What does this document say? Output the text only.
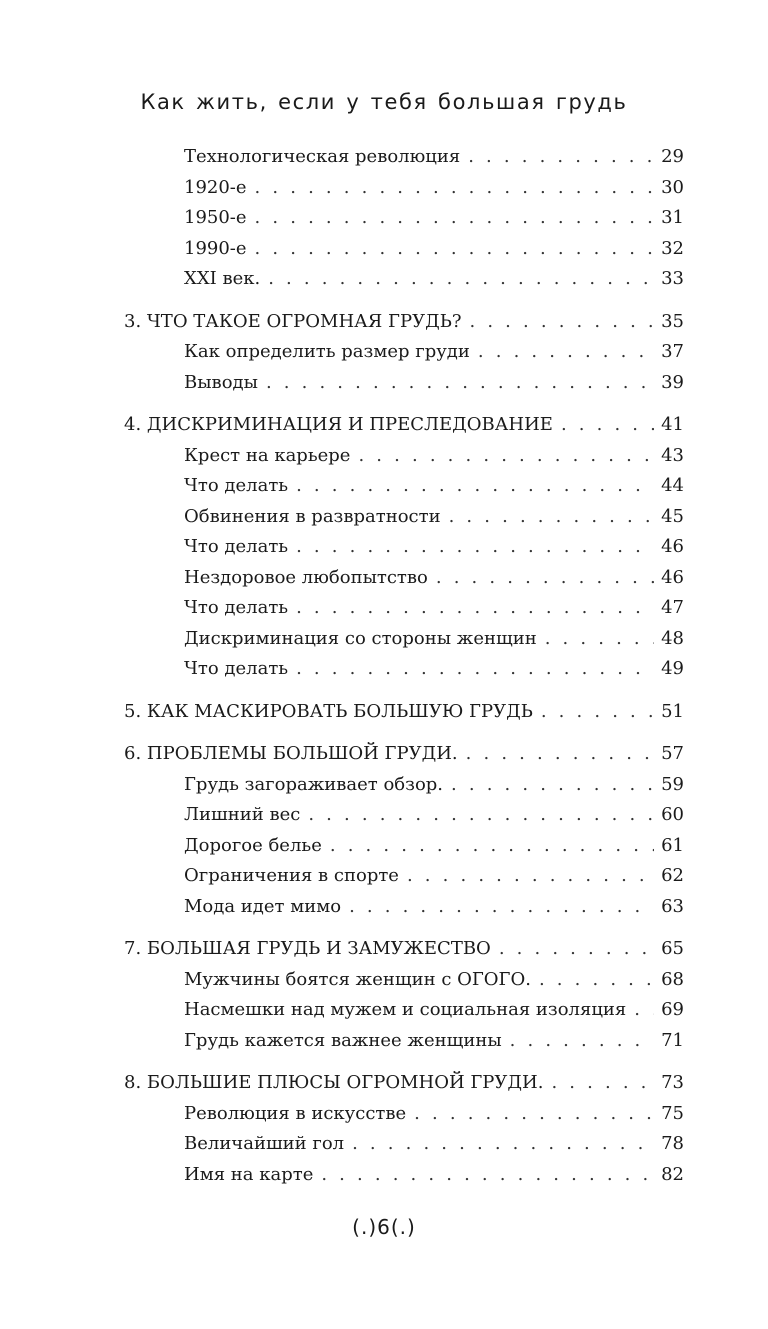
Как жить, если у тебя большая грудь
Технологическая революция . . .	29
1920-е . . .	30
1950-е . . .	31
1990-е . . .	32
XXI век. . . .	33
3. ЧТО ТАКОЕ ОГРОМНАЯ ГРУДЬ? . . .	35
Как определить размер груди . . .	37
Выводы . . .	39
4. ДИСКРИМИНАЦИЯ И ПРЕСЛЕДОВАНИЕ . . .	41
Крест на карьере . . .	43
Что делать . . .	44
Обвинения в развратности . . .	45
Что делать . . .	46
Нездоровое любопытство . . .	46
Что делать . . .	47
Дискриминация со стороны женщин . . .	48
Что делать . . .	49
5. КАК МАСКИРОВАТЬ БОЛЬШУЮ ГРУДЬ . . .	51
6. ПРОБЛЕМЫ БОЛЬШОЙ ГРУДИ. . . .	57
Грудь загораживает обзор. . . .	59
Лишний вес . . .	60
Дорогое белье . . .	61
Ограничения в спорте . . .	62
Мода идет мимо . . .	63
7. БОЛЬШАЯ ГРУДЬ И ЗАМУЖЕСТВО . . .	65
Мужчины боятся женщин с ОГОГО. . . .	68
Насмешки над мужем и социальная изоляция . . . 69
Грудь кажется важнее женщины . . .	71
8. БОЛЬШИЕ ПЛЮСЫ ОГРОМНОЙ ГРУДИ. . . .	73
Революция в искусстве . . .	75
Величайший гол . . .	78
Имя на карте . . .	82
(.)6(.)
